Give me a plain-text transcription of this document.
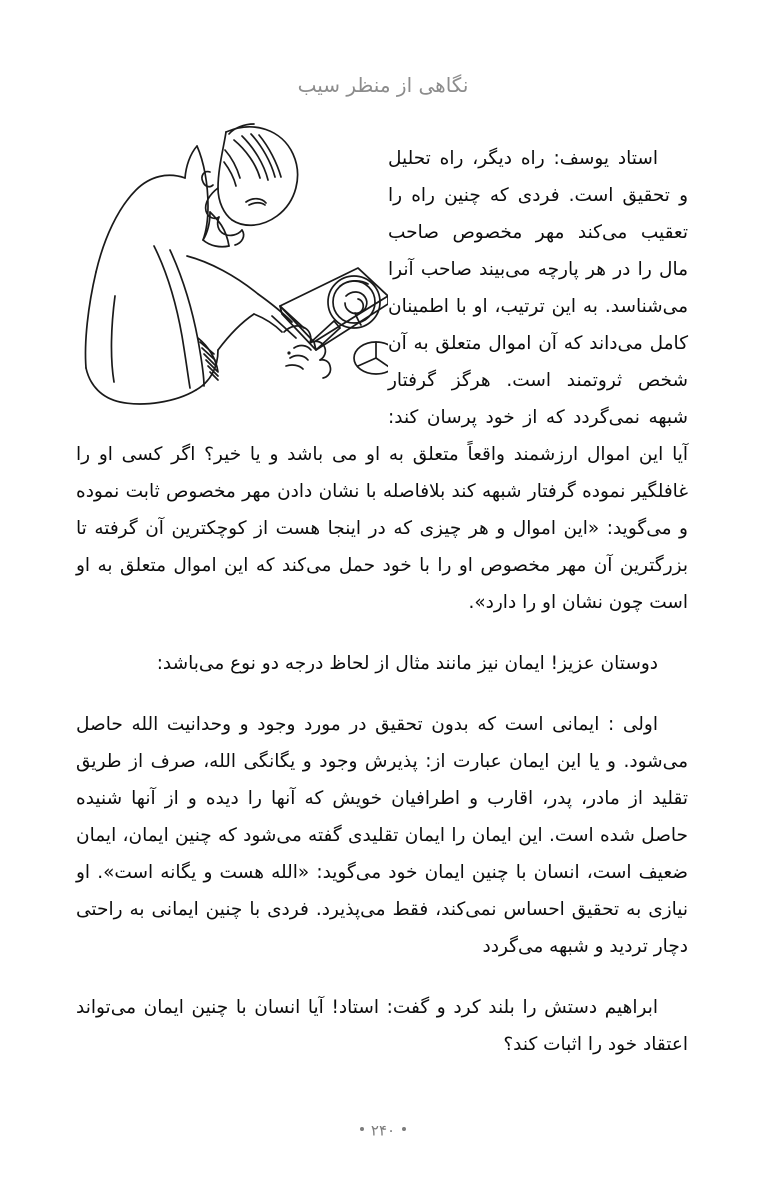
نگاهی از منظر سیب

استاد یوسف: راه دیگر، راه تحلیل و تحقیق است. فردی که چنین راه را تعقیب می‌کند مهر مخصوص صاحب مال را در هر پارچه می‌بیند صاحب آنرا می‌شناسد. به این ترتیب، او با اطمینان کامل می‌داند که آن اموال متعلق به آن شخص ثروتمند است. هرگز گرفتار شبهه نمی‌گردد که از خود پرسان کند: آیا این اموال ارزشمند واقعاً متعلق به او می باشد و یا خیر؟ اگر کسی او را غافلگیر نموده گرفتار شبهه کند بلافاصله با نشان دادن مهر مخصوص ثابت نموده و می‌گوید: «این اموال و هر چیزی که در اینجا هست از کوچکترین آن گرفته تا بزرگترین آن مهر مخصوص او را با خود حمل می‌کند که این اموال متعلق به او است چون نشان او را دارد».

دوستان عزیز! ایمان نیز مانند مثال از لحاظ درجه دو نوع می‌باشد:

اولی : ایمانی است که بدون تحقیق در مورد وجود و وحدانیت الله حاصل می‌شود. و یا این ایمان عبارت از: پذیرش وجود و یگانگی الله، صرف از طریق تقلید از مادر، پدر، اقارب و اطرافیان خویش که آنها را دیده و از آنها شنیده حاصل شده است. این ایمان را ایمان تقلیدی گفته می‌شود که چنین ایمان، ایمان ضعیف است، انسان با چنین ایمان خود می‌گوید: «الله هست و یگانه است». او نیازی به تحقیق احساس نمی‌کند، فقط می‌پذیرد. فردی با چنین ایمانی به راحتی دچار تردید و شبهه می‌گردد

ابراهیم دستش را بلند کرد و گفت: استاد! آیا انسان با چنین ایمان می‌تواند اعتقاد خود را اثبات کند؟

۲۴۰
